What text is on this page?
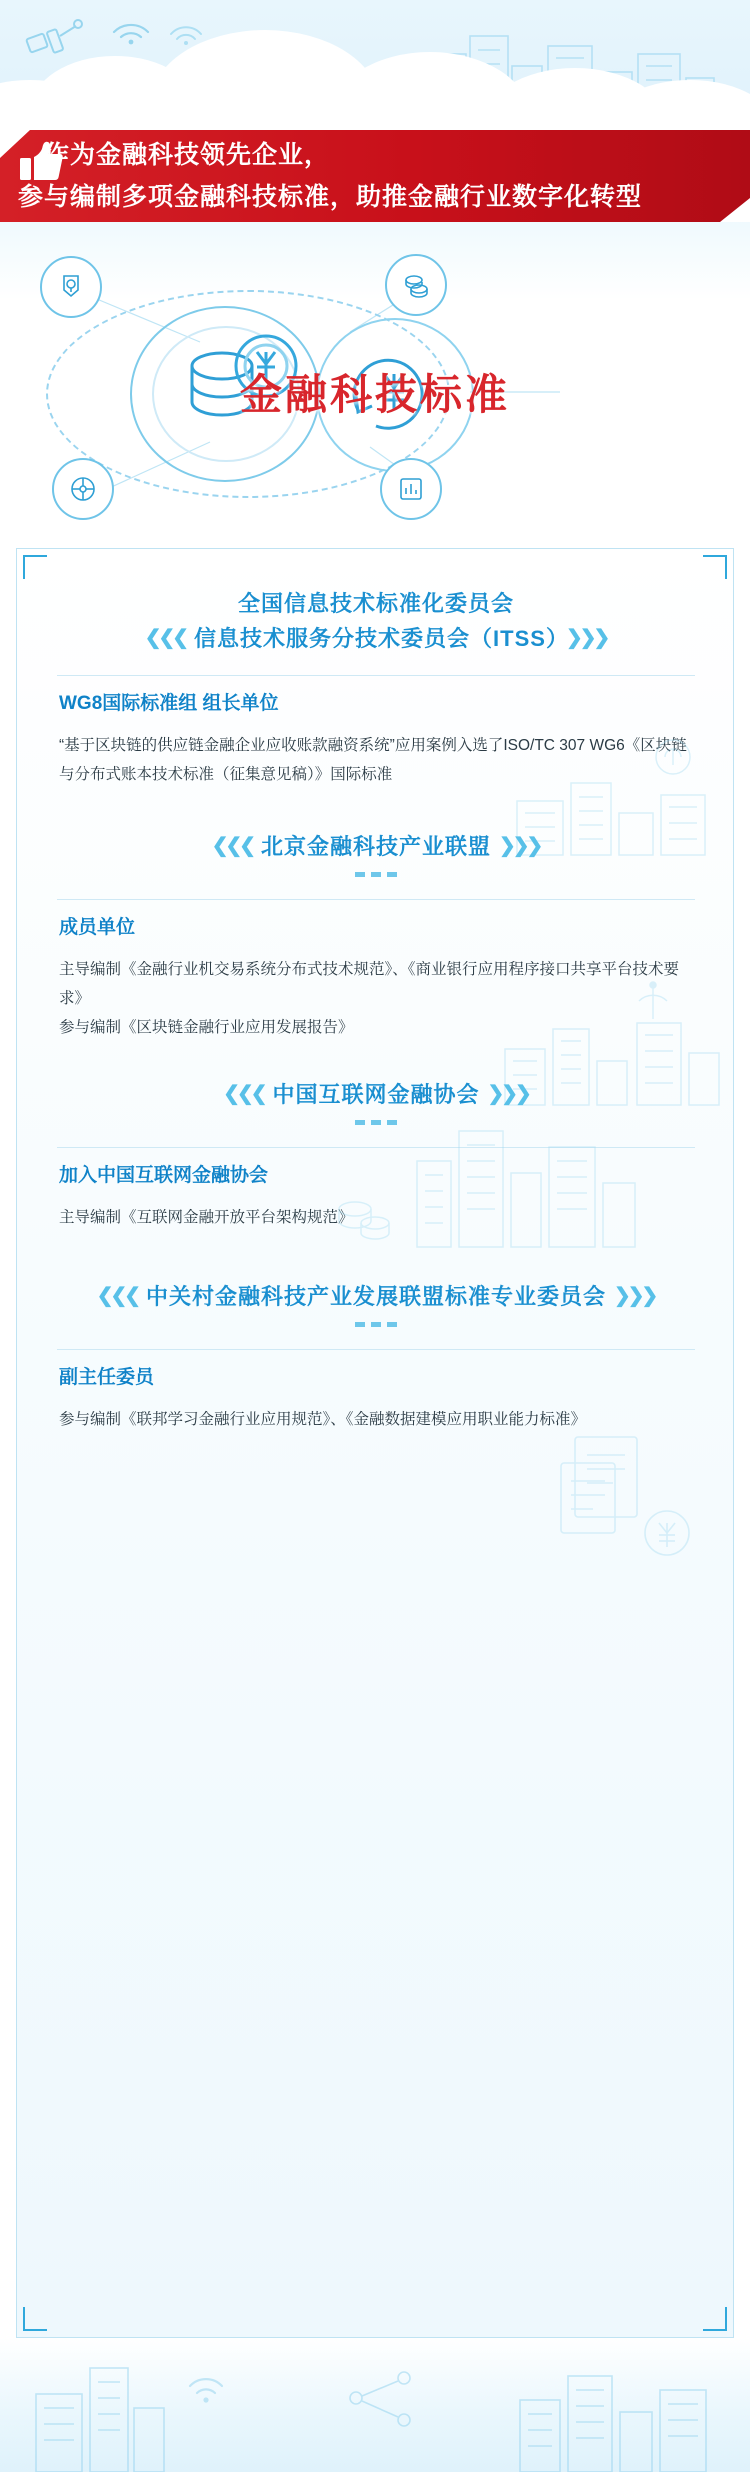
作为金融科技领先企业，
参与编制多项金融科技标准，助推金融行业数字化转型
金融科技标准
全国信息技术标准化委员会
❮❮❮ 信息技术服务分技术委员会（ITSS） ❯❯❯
WG8国际标准组 组长单位
“基于区块链的供应链金融企业应收账款融资系统”应用案例入选了ISO/TC 307 WG6《区块链与分布式账本技术标准（征集意见稿）》国际标准
❮❮❮ 北京金融科技产业联盟 ❯❯❯
成员单位
主导编制《金融行业机交易系统分布式技术规范》、《商业银行应用程序接口共享平台技术要求》
参与编制《区块链金融行业应用发展报告》
❮❮❮ 中国互联网金融协会 ❯❯❯
加入中国互联网金融协会
主导编制《互联网金融开放平台架构规范》
❮❮❮ 中关村金融科技产业发展联盟标准专业委员会 ❯❯❯
副主任委员
参与编制《联邦学习金融行业应用规范》、《金融数据建模应用职业能力标准》
